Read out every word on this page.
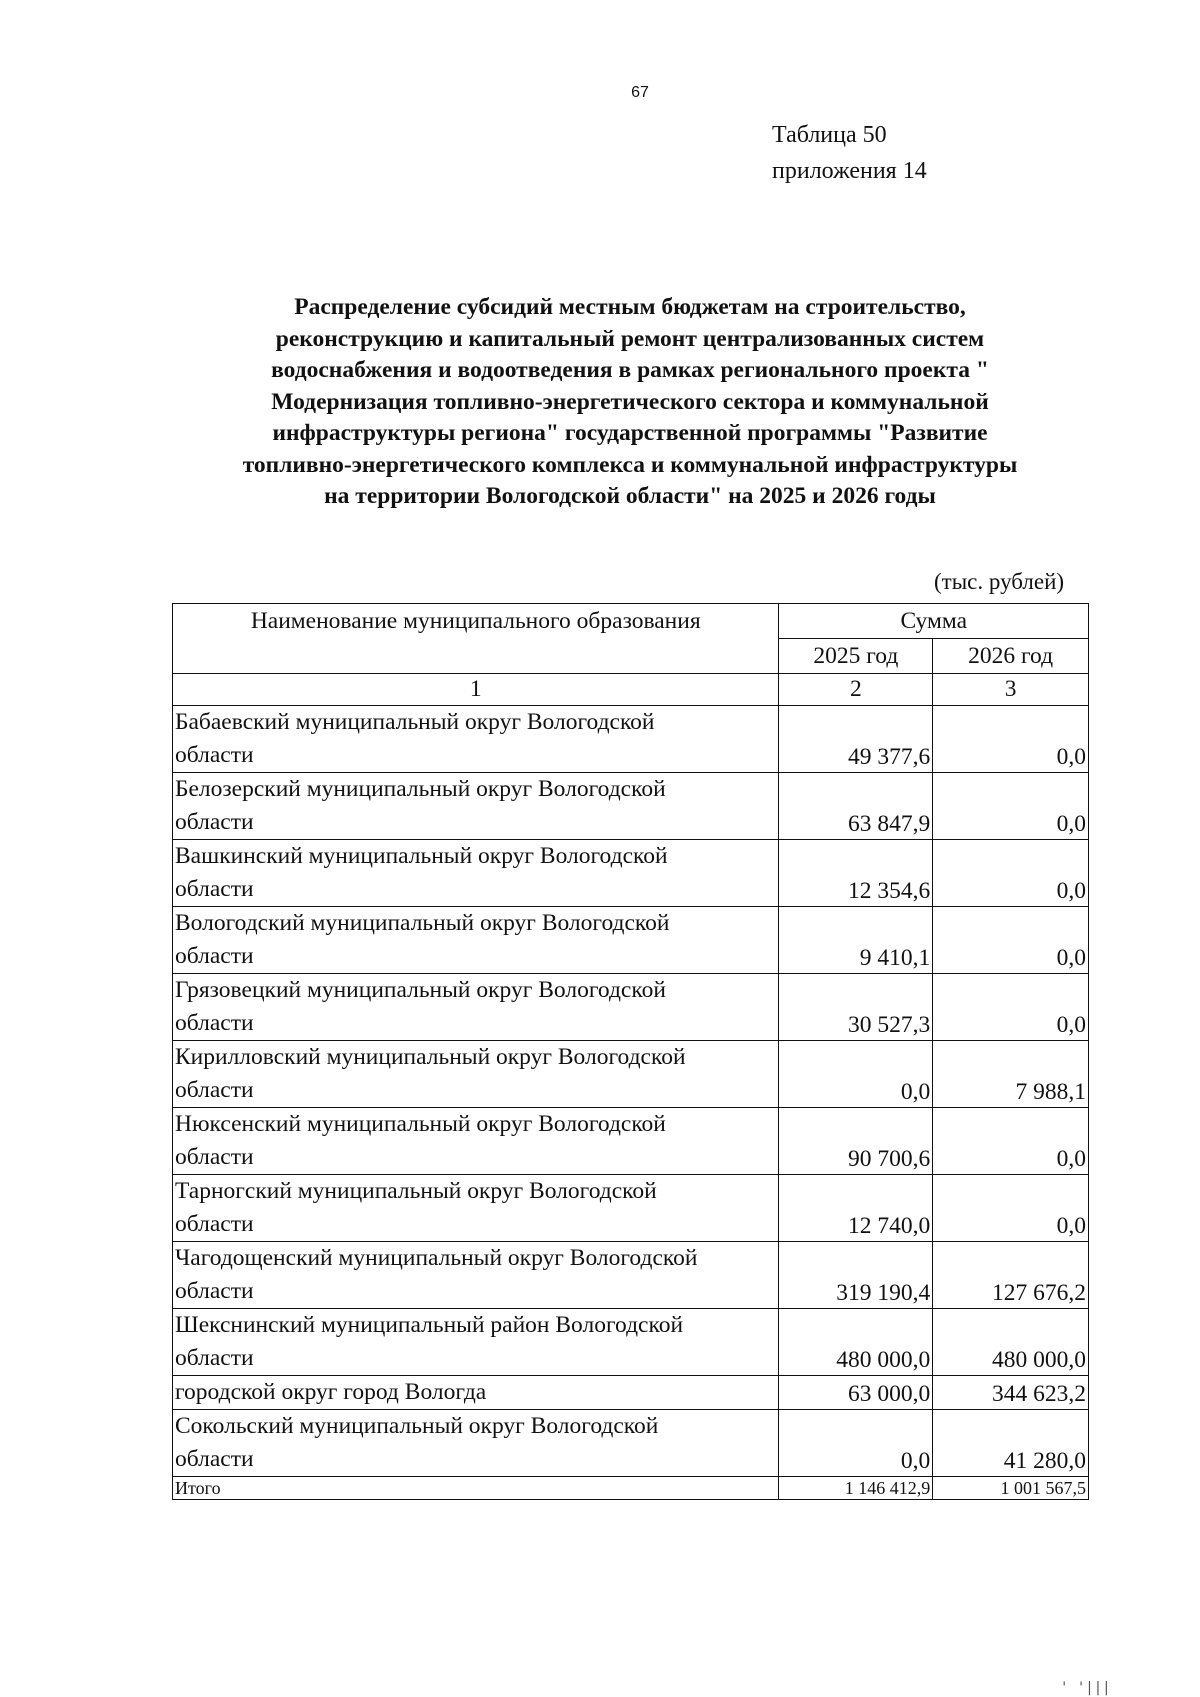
67
Таблица 50
приложения 14
Распределение субсидий местным бюджетам на строительство,
реконструкцию и капитальный ремонт централизованных систем
водоснабжения и водоотведения в рамках регионального проекта "
Модернизация топливно-энергетического сектора и коммунальной
инфраструктуры региона" государственной программы "Развитие
топливно-энергетического комплекса и коммунальной инфраструктуры
на территории Вологодской области" на 2025 и 2026 годы
(тыс. рублей)
Наименование муниципального образования	Сумма	
	2025 год	2026 год
1	2	3

Бабаевский муниципальный округ Вологодской
области	49 377,6	0,0

Белозерский муниципальный округ Вологодской
области	63 847,9	0,0

Вашкинский муниципальный округ Вологодской
области	12 354,6	0,0

Вологодский муниципальный округ Вологодской
области	9 410,1	0,0

Грязовецкий муниципальный округ Вологодской
области	30 527,3	0,0

Кирилловский муниципальный округ Вологодской
области	0,0	7 988,1

Нюксенский муниципальный округ Вологодской
области	90 700,6	0,0

Тарногский муниципальный округ Вологодской
области	12 740,0	0,0

Чагодощенский муниципальный округ Вологодской
области	319 190,4	127 676,2

Шекснинский муниципальный район Вологодской
области	480 000,0	480 000,0

городской округ город Вологда	63 000,0	344 623,2

Сокольский муниципальный округ Вологодской
области	0,0	41 280,0
Итого	1 146 412,9	1 001 567,5
' '|||
